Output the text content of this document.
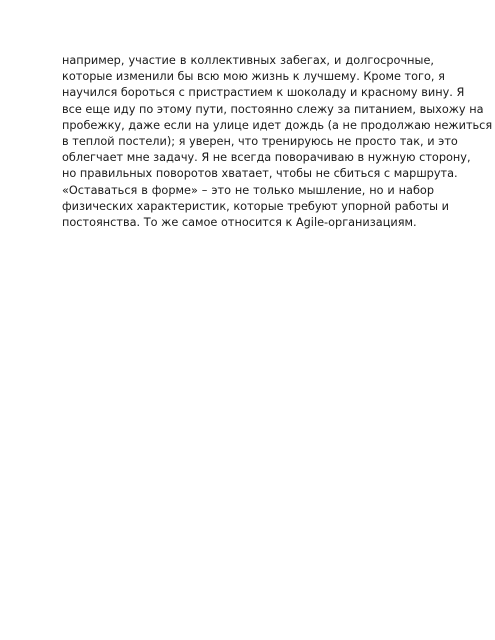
например, участие в коллективных забегах, и долгосрочные,
которые изменили бы всю мою жизнь к лучшему. Кроме того, я
научился бороться с пристрастием к шоколаду и красному вину. Я
все еще иду по этому пути, постоянно слежу за питанием, выхожу на
пробежку, даже если на улице идет дождь (а не продолжаю нежиться
в теплой постели); я уверен, что тренируюсь не просто так, и это
облегчает мне задачу. Я не всегда поворачиваю в нужную сторону,
но правильных поворотов хватает, чтобы не сбиться с маршрута.
«Оставаться в форме» – это не только мышление, но и набор
физических характеристик, которые требуют упорной работы и
постоянства. То же самое относится к Agile-организациям.
